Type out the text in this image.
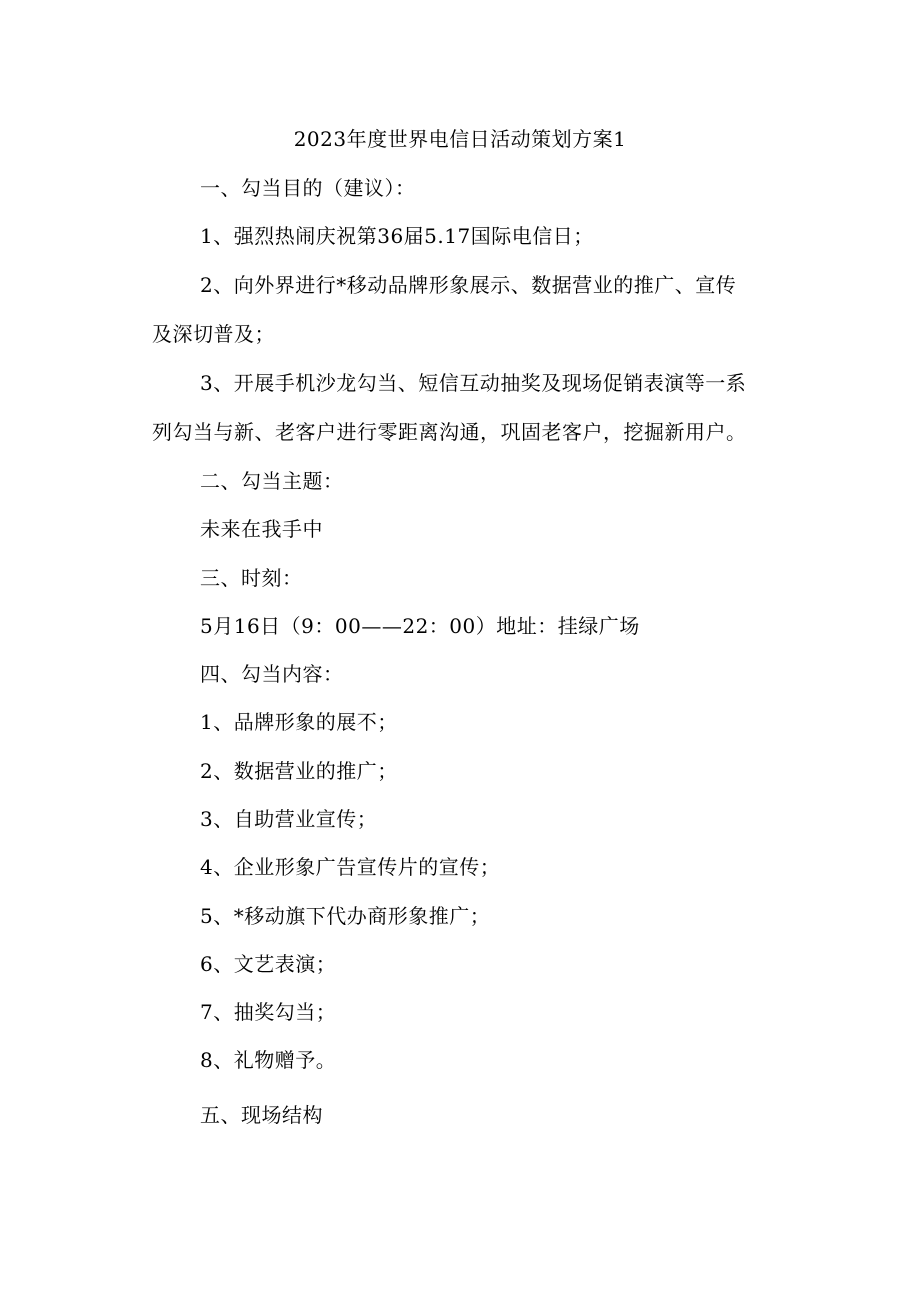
2023年度世界电信日活动策划方案1
一、勾当目的（建议）：
1、强烈热闹庆祝第36届5.17国际电信日；
2、向外界进行*移动品牌形象展示、数据营业的推广、宣传
及深切普及；
3、开展手机沙龙勾当、短信互动抽奖及现场促销表演等一系
列勾当与新、老客户进行零距离沟通，巩固老客户，挖掘新用户。
二、勾当主题：
未来在我手中
三、时刻：
5月16日（9：00——22：00）地址：挂绿广场
四、勾当内容：
1、品牌形象的展不；
2、数据营业的推广；
3、自助营业宣传；
4、企业形象广告宣传片的宣传；
5、*移动旗下代办商形象推广；
6、文艺表演；
7、抽奖勾当；
8、礼物赠予。
五、现场结构
